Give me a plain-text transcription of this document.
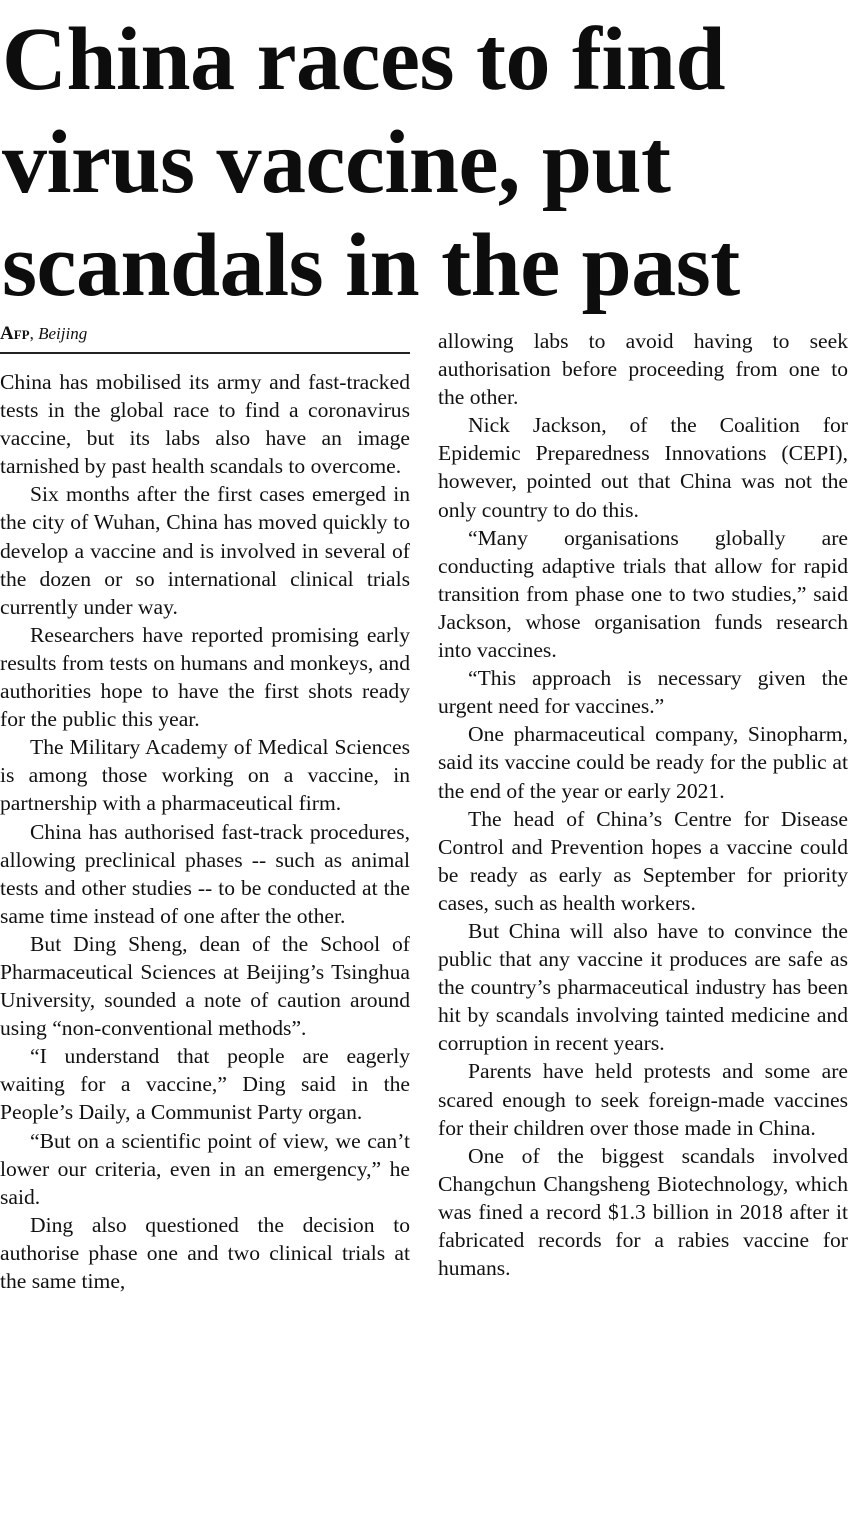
China races to find virus vaccine, put scandals in the past
Afp, Beijing

China has mobilised its army and fast-tracked tests in the global race to find a coronavirus vaccine, but its labs also have an image tarnished by past health scandals to overcome.

Six months after the first cases emerged in the city of Wuhan, China has moved quickly to develop a vaccine and is involved in several of the dozen or so international clinical trials currently under way.

Researchers have reported promising early results from tests on humans and monkeys, and authorities hope to have the first shots ready for the public this year.

The Military Academy of Medical Sciences is among those working on a vaccine, in partnership with a pharmaceutical firm.

China has authorised fast-track procedures, allowing preclinical phases -- such as animal tests and other studies -- to be conducted at the same time instead of one after the other.

But Ding Sheng, dean of the School of Pharmaceutical Sciences at Beijing’s Tsinghua University, sounded a note of caution around using “non-conventional methods”.

“I understand that people are eagerly waiting for a vaccine,” Ding said in the People’s Daily, a Communist Party organ.

“But on a scientific point of view, we can’t lower our criteria, even in an emergency,” he said.

Ding also questioned the decision to authorise phase one and two clinical trials at the same time,

allowing labs to avoid having to seek authorisation before proceeding from one to the other.

Nick Jackson, of the Coalition for Epidemic Preparedness Innovations (CEPI), however, pointed out that China was not the only country to do this.

“Many organisations globally are conducting adaptive trials that allow for rapid transition from phase one to two studies,” said Jackson, whose organisation funds research into vaccines.

“This approach is necessary given the urgent need for vaccines.”

One pharmaceutical company, Sinopharm, said its vaccine could be ready for the public at the end of the year or early 2021.

The head of China’s Centre for Disease Control and Prevention hopes a vaccine could be ready as early as September for priority cases, such as health workers.

But China will also have to convince the public that any vaccine it produces are safe as the country’s pharmaceutical industry has been hit by scandals involving tainted medicine and corruption in recent years.

Parents have held protests and some are scared enough to seek foreign-made vaccines for their children over those made in China.

One of the biggest scandals involved Changchun Changsheng Biotechnology, which was fined a record $1.3 billion in 2018 after it fabricated records for a rabies vaccine for humans.
